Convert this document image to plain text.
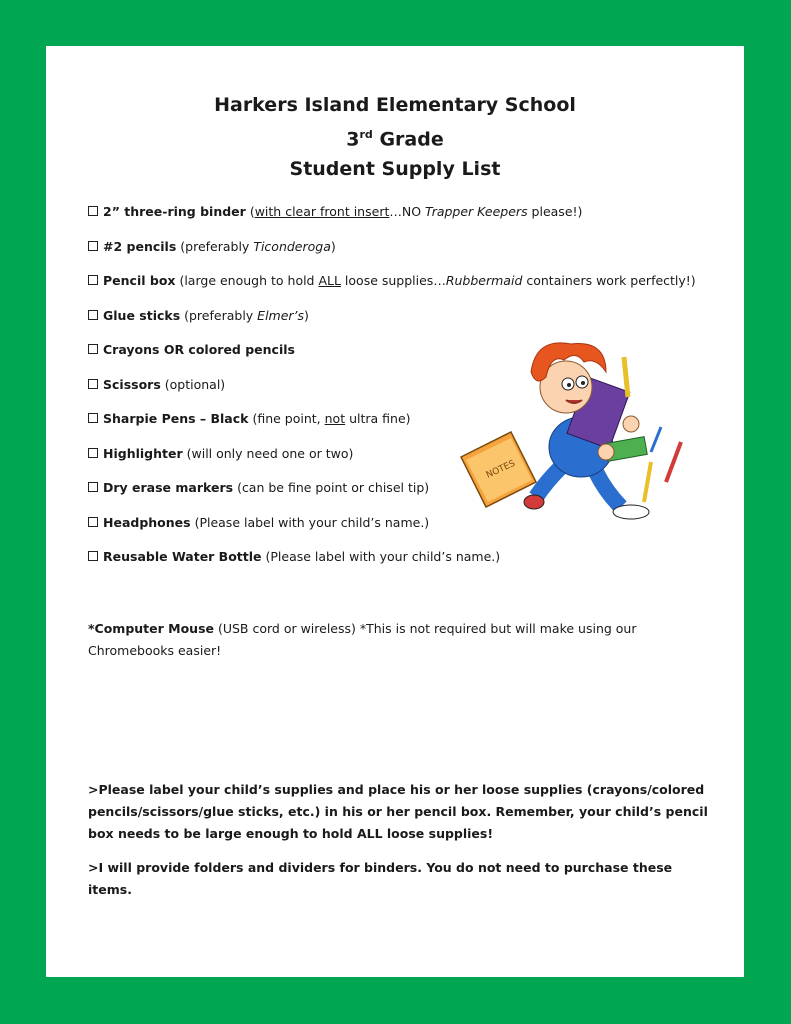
Harkers Island Elementary School
3rd Grade
Student Supply List
2” three-ring binder (with clear front insert…NO Trapper Keepers please!)
#2 pencils (preferably Ticonderoga)
Pencil box (large enough to hold ALL loose supplies…Rubbermaid containers work perfectly!)
Glue sticks (preferably Elmer’s)
Crayons OR colored pencils
Scissors (optional)
Sharpie Pens – Black (fine point, not ultra fine)
Highlighter (will only need one or two)
Dry erase markers (can be fine point or chisel tip)
Headphones (Please label with your child’s name.)
Reusable Water Bottle (Please label with your child’s name.)
NOTES
*Computer Mouse (USB cord or wireless) *This is not required but will make using our Chromebooks easier!
>Please label your child’s supplies and place his or her loose supplies (crayons/colored pencils/scissors/glue sticks, etc.) in his or her pencil box. Remember, your child’s pencil box needs to be large enough to hold ALL loose supplies!
>I will provide folders and dividers for binders. You do not need to purchase these items.
